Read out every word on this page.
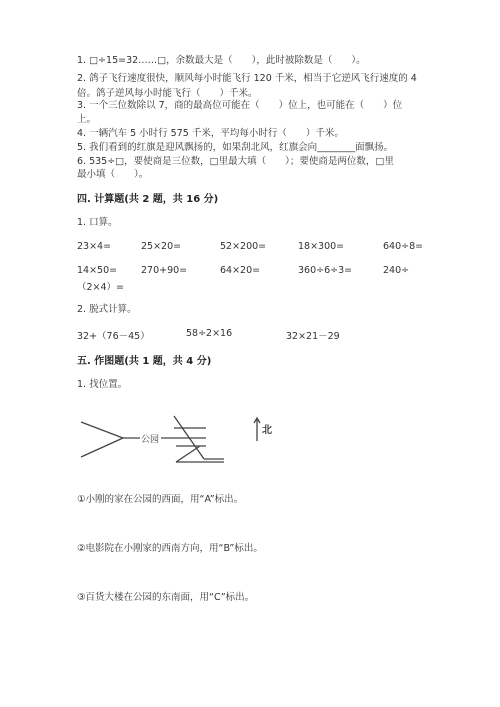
1. □÷15=32……□，余数最大是（　　），此时被除数是（　　）。
2. 鸽子飞行速度很快，顺风每小时能飞行 120 千米，相当于它逆风飞行速度的 4
倍。鸽子逆风每小时能飞行（　　）千米。
3. 一个三位数除以 7，商的最高位可能在（　　）位上，也可能在（　　）位
上。
4. 一辆汽车 5 小时行 575 千米，平均每小时行（　　）千米。
5. 我们看到的红旗是迎风飘扬的，如果刮北风，红旗会向________面飘扬。
6. 535÷□，要使商是三位数，□里最大填（　　）；要使商是两位数，□里
最小填（　　）。
四. 计算题(共 2 题，共 16 分)
1. 口算。
23×4=	25×20=	52×200=	18×300=	640÷8=
14×50=	270+90=	64×20=	360÷6÷3=	240÷
（2×4）=
2. 脱式计算。
32+（76－45）	58÷2×16	32×21－29
五. 作图题(共 1 题，共 4 分)
1. 找位置。
公园
北
①小刚的家在公园的西面，用“A”标出。
②电影院在小刚家的西南方向，用“B”标出。
③百货大楼在公园的东南面，用“C”标出。
